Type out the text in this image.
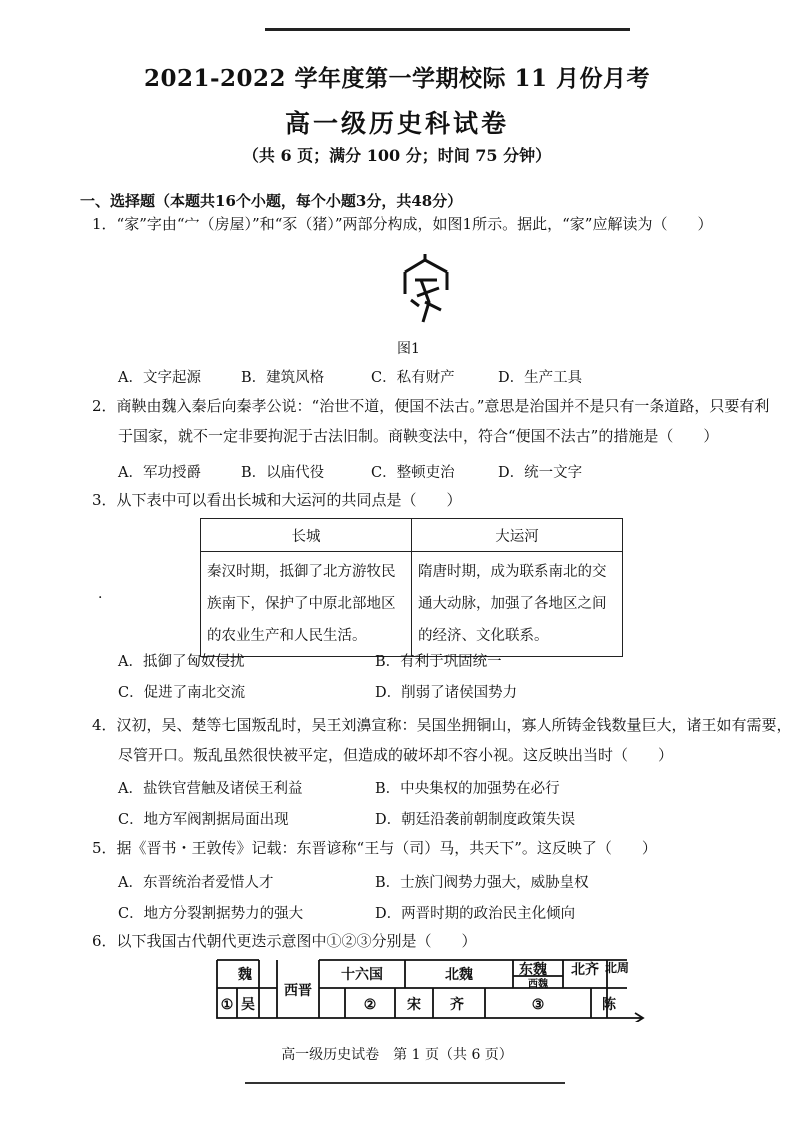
2021-2022 学年度第一学期校际 11 月份月考
高一级历史科试卷
（共 6 页；满分 100 分；时间 75 分钟）
一、选择题（本题共16个小题，每个小题3分，共48分）
1．“家”字由“宀（房屋）”和“豕（猪）”两部分构成，如图1所示。据此，“家”应解读为（　　）
图1
A．文字起源	B．建筑风格	C．私有财产	D．生产工具
2．商鞅由魏入秦后向秦孝公说：“治世不道，便国不法古。”意思是治国并不是只有一条道路，只要有利
于国家，就不一定非要拘泥于古法旧制。商鞅变法中，符合“便国不法古”的措施是（　　）
A．军功授爵	B．以庙代役	C．整顿吏治	D．统一文字
3．从下表中可以看出长城和大运河的共同点是（　　）
长城	大运河
秦汉时期，抵御了北方游牧民族南下，保护了中原北部地区的农业生产和人民生活。	隋唐时期，成为联系南北的交通大动脉，加强了各地区之间的经济、文化联系。
·
A．抵御了匈奴侵扰	B．有利于巩固统一
C．促进了南北交流	D．削弱了诸侯国势力
4．汉初，吴、楚等七国叛乱时，吴王刘濞宣称：吴国坐拥铜山，寡人所铸金钱数量巨大，诸王如有需要，
尽管开口。叛乱虽然很快被平定，但造成的破坏却不容小视。这反映出当时（　　）
A．盐铁官营触及诸侯王利益	B．中央集权的加强势在必行
C．地方军阀割据局面出现	D．朝廷沿袭前朝制度政策失误
5．据《晋书・王敦传》记载：东晋谚称“王与（司）马，共天下”。这反映了（　　）
A．东晋统治者爱惜人才	B．士族门阀势力强大，威胁皇权
C．地方分裂割据势力的强大	D．两晋时期的政治民主化倾向
6．以下我国古代朝代更迭示意图中①②③分别是（　　）
魏
① 吴
西晋
十六国	北魏	东魏 北齐
西魏
北周
② 宋 齐	③	陈
高一级历史试卷　第 1 页（共 6 页）
